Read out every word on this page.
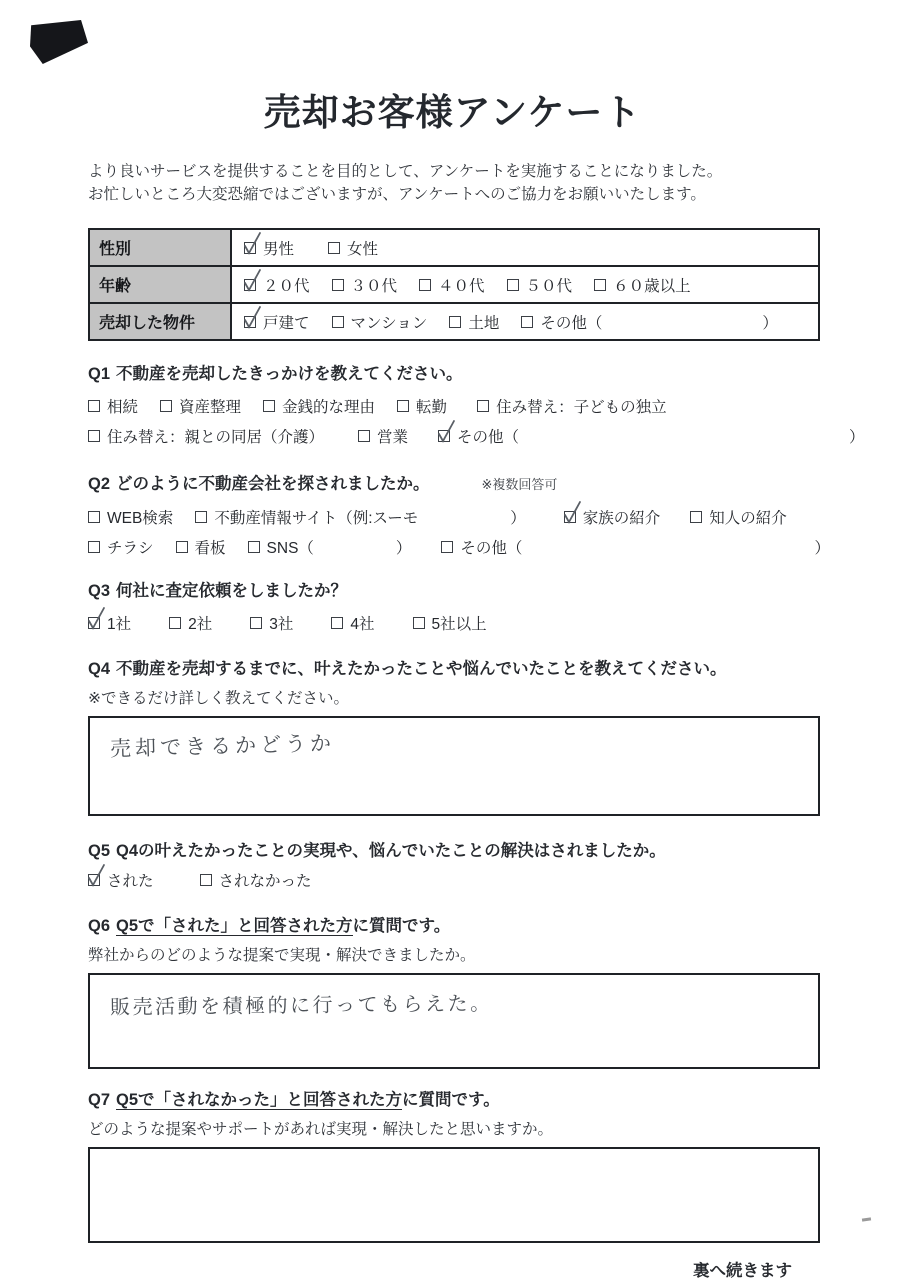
売却お客様アンケート
より良いサービスを提供することを目的として、アンケートを実施することになりました。
お忙しいところ大変恐縮ではございますが、アンケートへのご協力をお願いいたします。
性別	男性 女性

年齢	２０代 ３０代 ４０代 ５０代 ６０歳以上

売却した物件	戸建て マンション 土地 その他（ ）
Q1 不動産を売却したきっかけを教えてください。
相続	資産整理	金銭的な理由	転勤	住み替え：子どもの独立
住み替え：親との同居（介護）	営業	その他（	）
Q2 どのように不動産会社を探されましたか。	※複数回答可
WEB検索	不動産情報サイト（例:スーモ	）	家族の紹介	知人の紹介
チラシ	看板	SNS（	）	その他（	）
Q3 何社に査定依頼をしましたか？
1社	2社	3社	4社	5社以上
Q4 不動産を売却するまでに、叶えたかったことや悩んでいたことを教えてください。
※できるだけ詳しく教えてください。
売却できるかどうか
Q5 Q4の叶えたかったことの実現や、悩んでいたことの解決はされましたか。
された	されなかった
Q6 Q5で「された」と回答された方に質問です。
弊社からのどのような提案で実現・解決できましたか。
販売活動を積極的に行ってもらえた。
Q7 Q5で「されなかった」と回答された方に質問です。
どのような提案やサポートがあれば実現・解決したと思いますか。
裏へ続きます
